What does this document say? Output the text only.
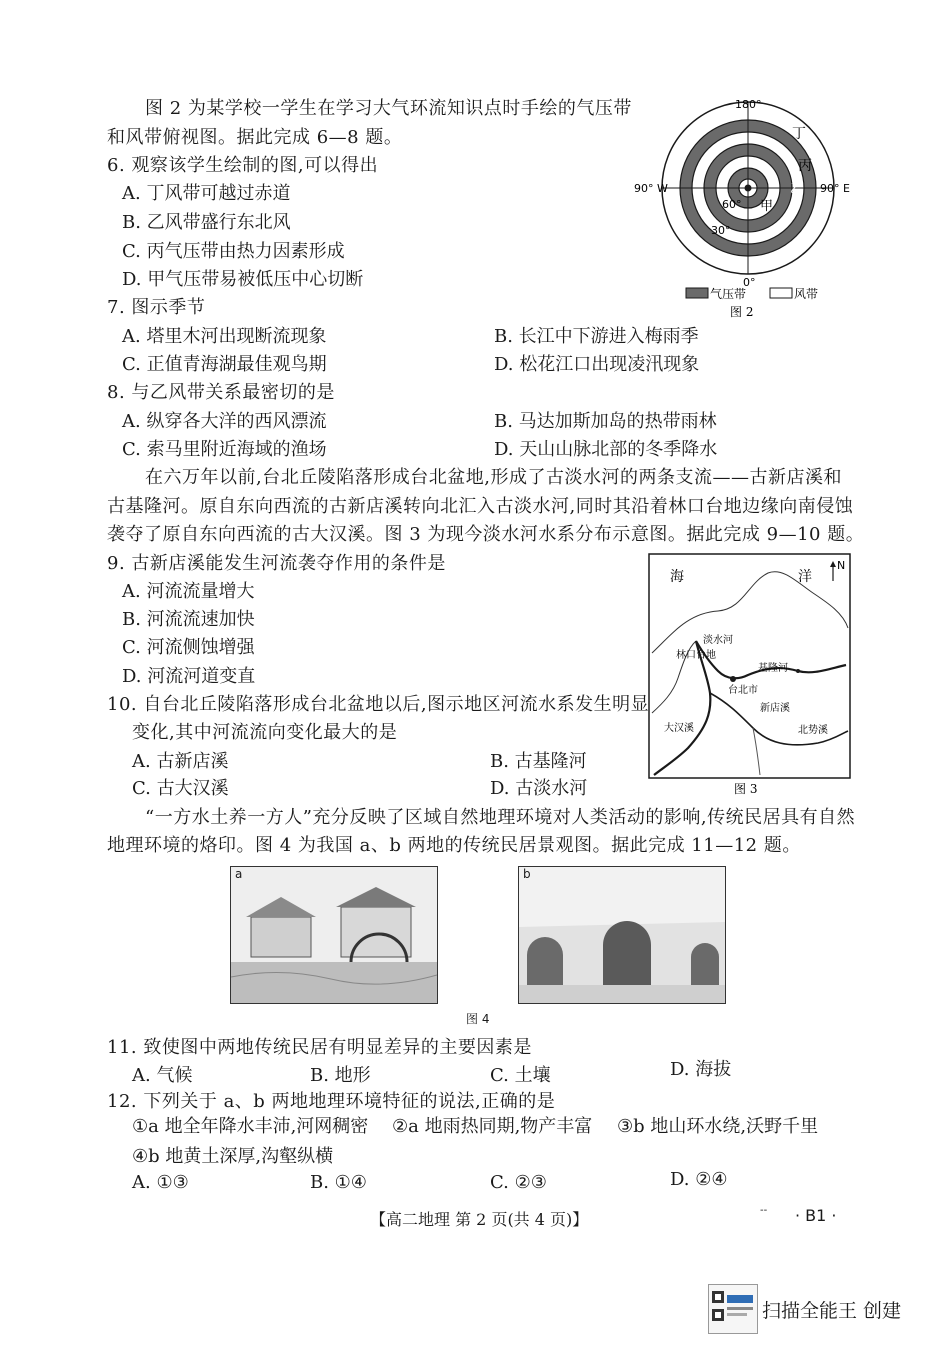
图 2 为某学校一学生在学习大气环流知识点时手绘的气压带
和风带俯视图。据此完成 6—8 题。
6. 观察该学生绘制的图,可以得出
A. 丁风带可越过赤道
B. 乙风带盛行东北风
C. 丙气压带由热力因素形成
D. 甲气压带易被低压中心切断
7. 图示季节
A. 塔里木河出现断流现象	B. 长江中下游进入梅雨季
C. 正值青海湖最佳观鸟期	D. 松花江口出现凌汛现象
8. 与乙风带关系最密切的是
A. 纵穿各大洋的西风漂流	B. 马达加斯加岛的热带雨林
C. 索马里附近海域的渔场	D. 天山山脉北部的冬季降水
180°
0°
90° W	90° E
丁
丙
乙
甲
60°
30°
气压带	风带
图 2
在六万年以前,台北丘陵陷落形成台北盆地,形成了古淡水河的两条支流——古新店溪和
古基隆河。原自东向西流的古新店溪转向北汇入古淡水河,同时其沿着林口台地边缘向南侵蚀
袭夺了原自东向西流的古大汉溪。图 3 为现今淡水河水系分布示意图。据此完成 9—10 题。
9. 古新店溪能发生河流袭夺作用的条件是
A. 河流流量增大
B. 河流流速加快
C. 河流侧蚀增强
D. 河流河道变直
10. 自台北丘陵陷落形成台北盆地以后,图示地区河流水系发生明显
变化,其中河流流向变化最大的是
A. 古新店溪	B. 古基隆河
C. 古大汉溪	D. 古淡水河
海	洋
N
林口台地
淡水河
台北市
基隆河
新店溪
北势溪
大汉溪
图 3
“一方水土养一方人”充分反映了区域自然地理环境对人类活动的影响,传统民居具有自然
地理环境的烙印。图 4 为我国 a、b 两地的传统民居景观图。据此完成 11—12 题。
a	b
图 4
11. 致使图中两地传统民居有明显差异的主要因素是
A. 气候	B. 地形	C. 土壤	D. 海拔
12. 下列关于 a、b 两地地理环境特征的说法,正确的是
①a 地全年降水丰沛,河网稠密 ②a 地雨热同期,物产丰富 ③b 地山环水绕,沃野千里
④b 地黄土深厚,沟壑纵横
A. ①③	B. ①④	C. ②③	D. ②④
【高二地理 第 2 页(共 4 页)】	-- · B1 ·
扫描全能王 创建
